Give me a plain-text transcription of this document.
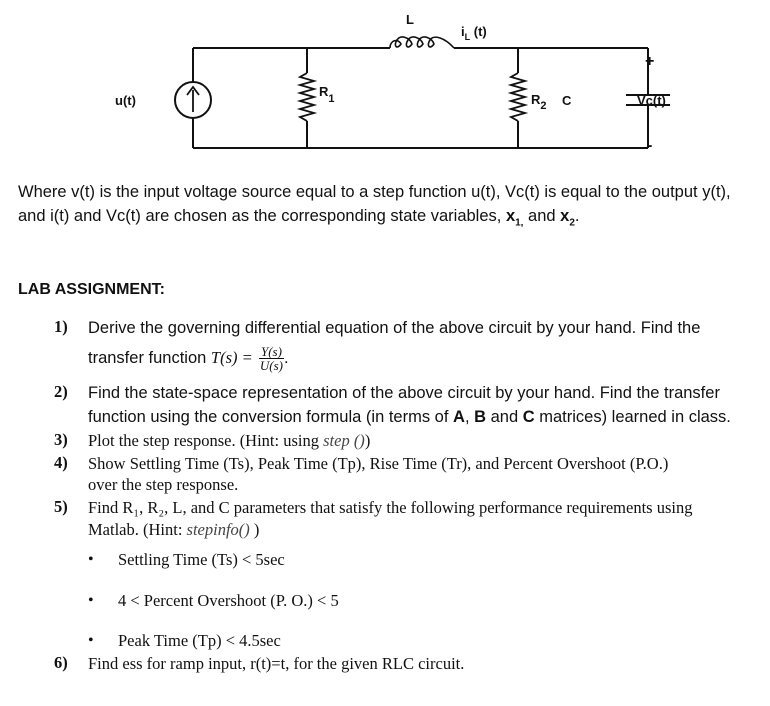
u(t)
$R_1$
L
$i_L$ (t)
$R_2$ C
+
Vc(t)
-
Where v(t) is the input voltage source equal to a step function u(t), Vc(t) is equal to the output y(t),
and i(t) and Vc(t) are chosen as the corresponding state variables, $x_{1,}$ and $x_2$.
LAB ASSIGNMENT:
1) Derive the governing differential equation of the above circuit by your hand. Find the
transfer function $T(s) = \frac{Y(s)}{U(s)}$ .
2) Find the state-space representation of the above circuit by your hand. Find the transfer
function using the conversion formula (in terms of A, B and C matrices) learned in class.
3) Plot the step response. (Hint: using step ())
4) Show Settling Time (Ts), Peak Time (Tp), Rise Time (Tr), and Percent Overshoot (P.O.)
over the step response.
5) Find R₁, R₂, L, and C parameters that satisfy the following performance requirements using
Matlab. (Hint: stepinfo() )
• Settling Time (Ts) < 5sec
• 4 < Percent Overshoot (P. O.) < 5
• Peak Time (Tp) < 4.5sec
6) Find ess for ramp input, r(t)=t, for the given RLC circuit.
